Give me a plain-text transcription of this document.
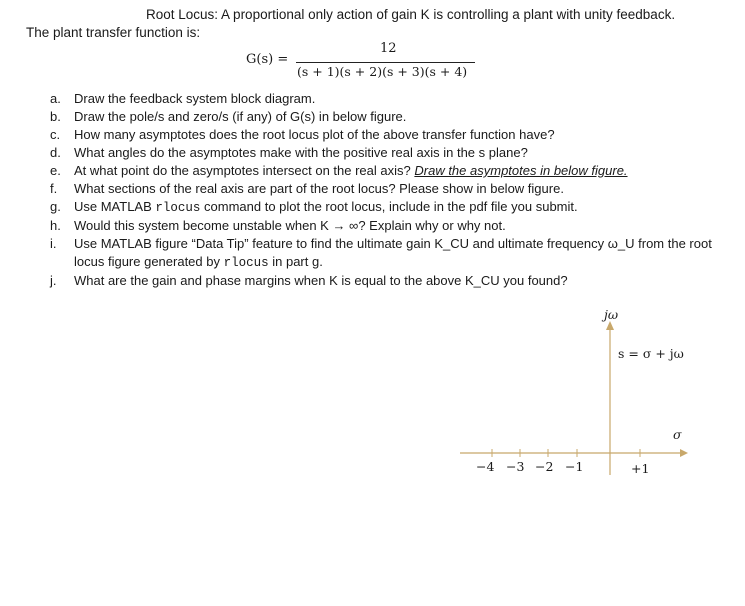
Root Locus: A proportional only action of gain K is controlling a plant with unity feedback.
The plant transfer function is:
G(s) =
12
(s + 1)(s + 2)(s + 3)(s + 4)
a. Draw the feedback system block diagram.
b. Draw the pole/s and zero/s (if any) of G(s) in below figure.
c. How many asymptotes does the root locus plot of the above transfer function have?
d. What angles do the asymptotes make with the positive real axis in the s plane?
e. At what point do the asymptotes intersect on the real axis? Draw the asymptotes in below figure.
f. What sections of the real axis are part of the root locus? Please show in below figure.
g. Use MATLAB rlocus command to plot the root locus, include in the pdf file you submit.
h. Would this system become unstable when K → ∞? Explain why or why not.
i. Use MATLAB figure “Data Tip” feature to find the ultimate gain K_CU and ultimate frequency ω_U from the root locus figure generated by rlocus in part g.
j. What are the gain and phase margins when K is equal to the above K_CU you found?
jω
s = σ + jω
σ
−4 −3 −2 −1	+1
